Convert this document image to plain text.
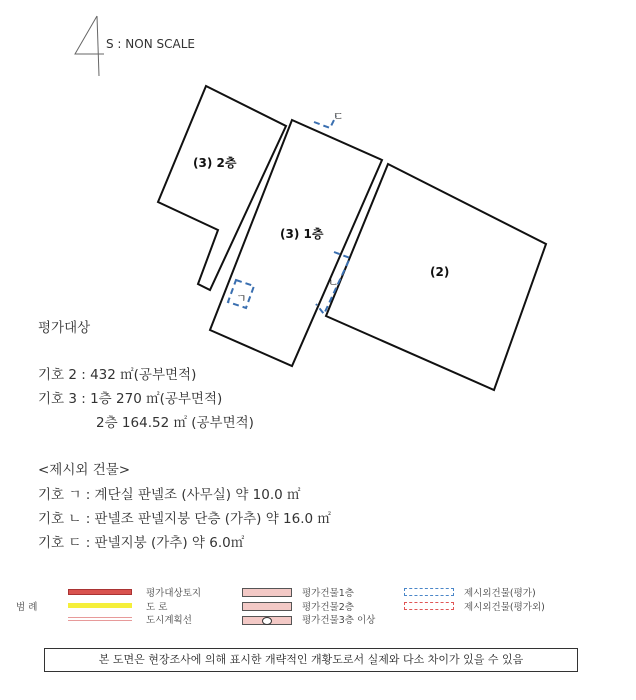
(3) 2층
(3) 1층
(2)
ㄱ
ㄴ
ㄷ
S : NON SCALE
평가대상
기호 2 : 432 ㎡(공부면적)
기호 3 : 1층 270 ㎡(공부면적)
2층 164.52 ㎡ (공부면적)
<제시외 건물>
기호 ㄱ : 계단실 판넬조 (사무실) 약 10.0 ㎡
기호 ㄴ : 판넬조 판넬지붕 단층 (가추) 약 16.0 ㎡
기호 ㄷ : 판넬지붕 (가추) 약 6.0㎡
범 례
평가대상토지
도 로
도시계획선
평가건물1층
평가건물2층
평가건물3층 이상
제시외건물(평가)
제시외건물(평가외)
본 도면은 현장조사에 의해 표시한 개략적인 개황도로서 실제와 다소 차이가 있을 수 있음
